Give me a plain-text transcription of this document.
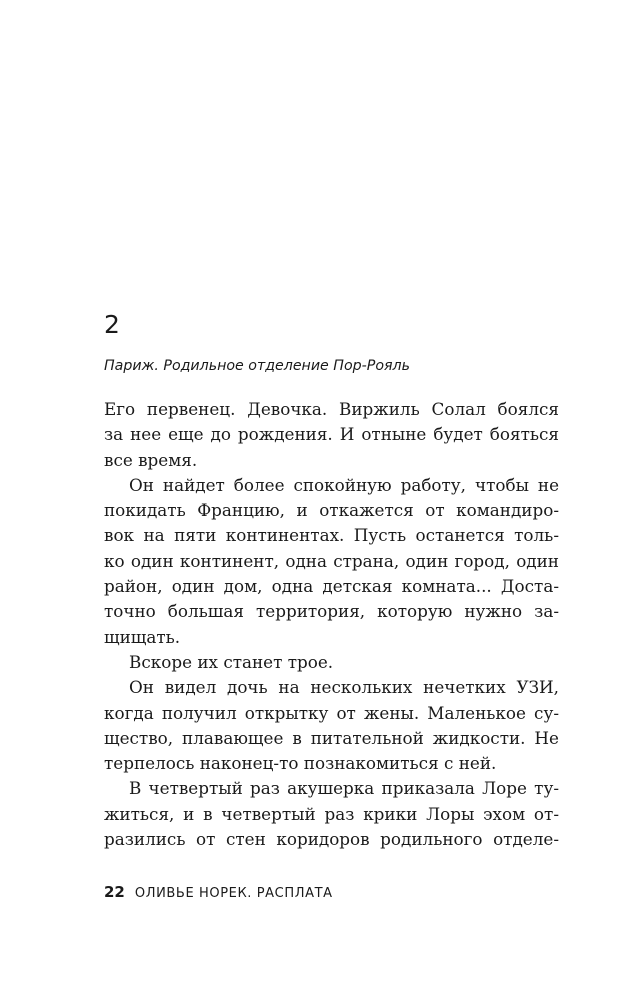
2
Париж. Родильное отделение Пор-Рояль
Его первенец. Девочка. Виржиль Солал боялся
за нее еще до рождения. И отныне будет бояться
все время.
Он найдет более спокойную работу, чтобы не
покидать Францию, и откажется от командиро-
вок на пяти континентах. Пусть останется толь-
ко один континент, одна страна, один город, один
район, один дом, одна детская комната... Доста-
точно большая территория, которую нужно за-
щищать.
Вскоре их станет трое.
Он видел дочь на нескольких нечетких УЗИ,
когда получил открытку от жены. Маленькое су-
щество, плавающее в питательной жидкости. Не
терпелось наконец-то познакомиться с ней.
В четвертый раз акушерка приказала Лоре ту-
житься, и в четвертый раз крики Лоры эхом от-
разились от стен коридоров родильного отделе-
22 ОЛИВЬЕ НОРЕК. РАСПЛАТА
